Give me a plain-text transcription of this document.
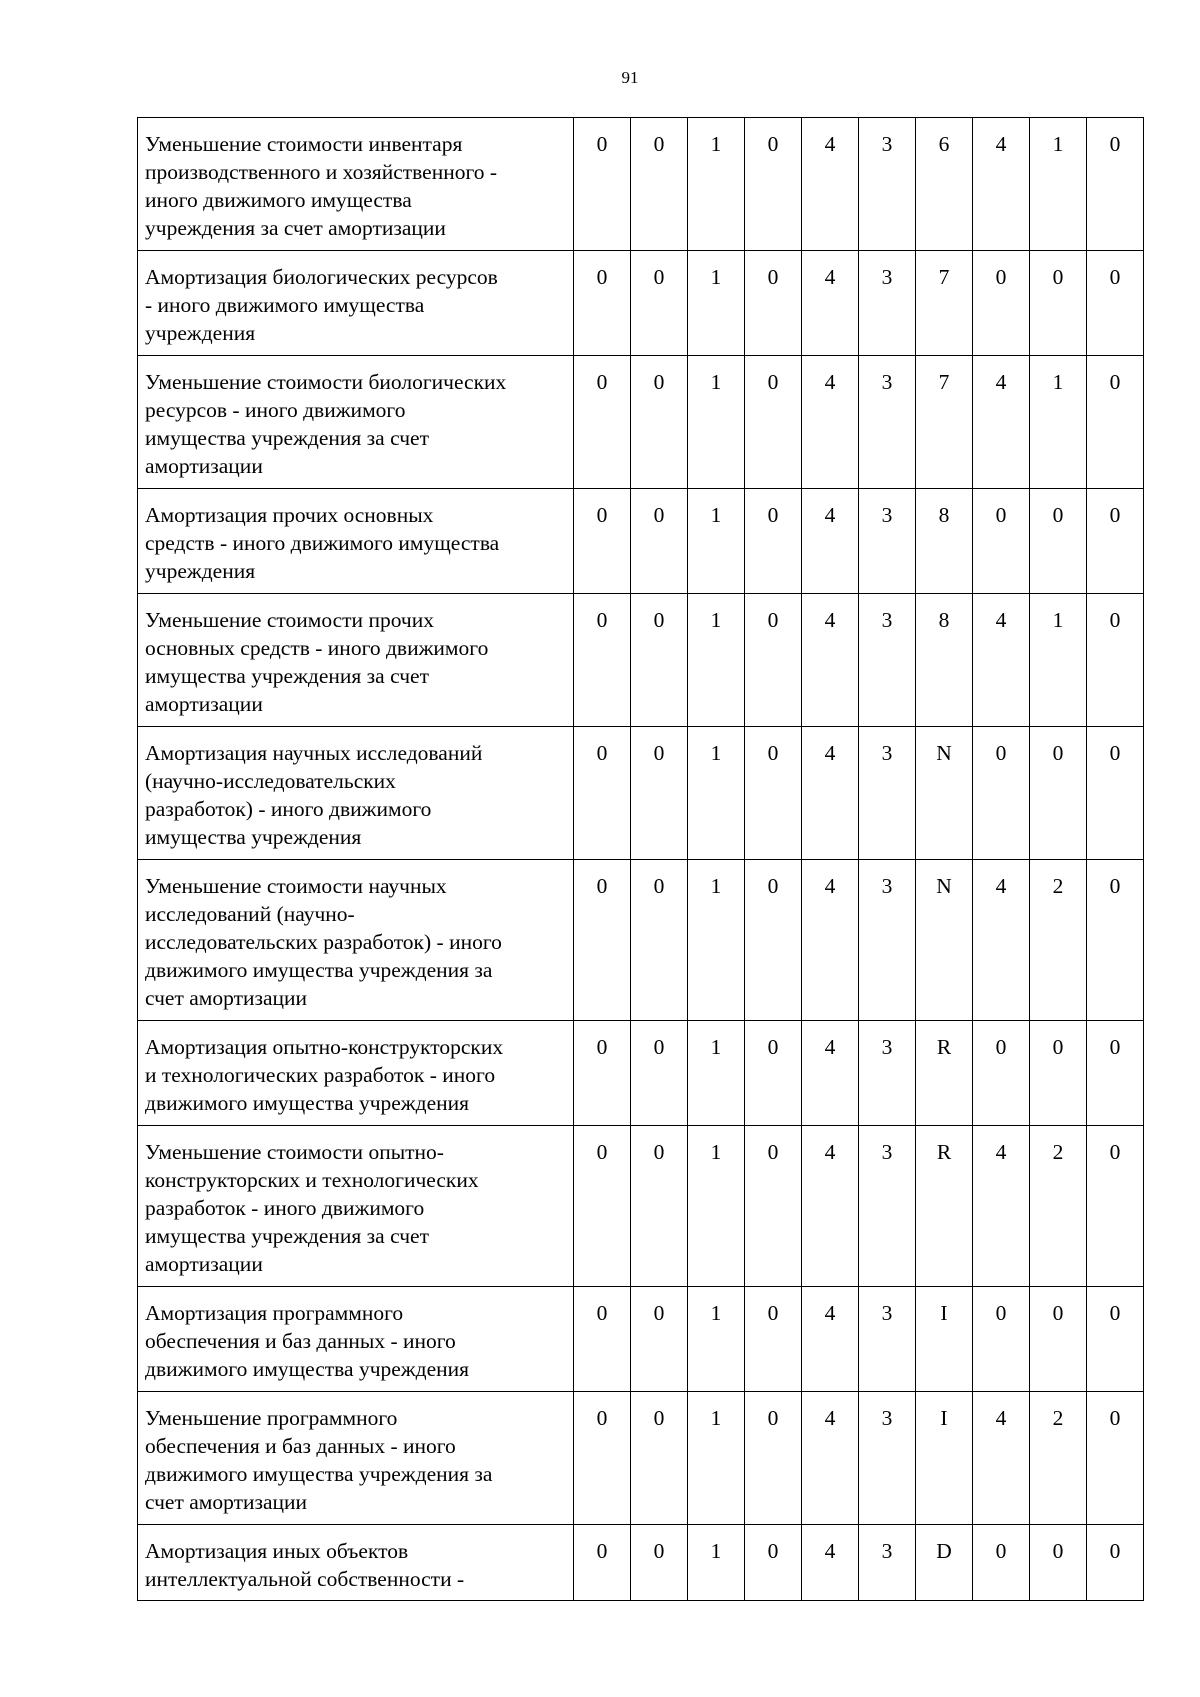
91
Уменьшение стоимости инвентаря
производственного и хозяйственного -
иного движимого имущества
учреждения за счет амортизации	0	0	1	0	4	3	6	4	1	0

Амортизация биологических ресурсов
- иного движимого имущества
учреждения	0	0	1	0	4	3	7	0	0	0

Уменьшение стоимости биологических
ресурсов - иного движимого
имущества учреждения за счет
амортизации	0	0	1	0	4	3	7	4	1	0

Амортизация прочих основных
средств - иного движимого имущества
учреждения	0	0	1	0	4	3	8	0	0	0

Уменьшение стоимости прочих
основных средств - иного движимого
имущества учреждения за счет
амортизации	0	0	1	0	4	3	8	4	1	0

Амортизация научных исследований
(научно-исследовательских
разработок) - иного движимого
имущества учреждения	0	0	1	0	4	3	N	0	0	0

Уменьшение стоимости научных
исследований (научно-
исследовательских разработок) - иного
движимого имущества учреждения за
счет амортизации	0	0	1	0	4	3	N	4	2	0

Амортизация опытно-конструкторских
и технологических разработок - иного
движимого имущества учреждения	0	0	1	0	4	3	R	0	0	0

Уменьшение стоимости опытно-
конструкторских и технологических
разработок - иного движимого
имущества учреждения за счет
амортизации	0	0	1	0	4	3	R	4	2	0

Амортизация программного
обеспечения и баз данных - иного
движимого имущества учреждения	0	0	1	0	4	3	I	0	0	0

Уменьшение программного
обеспечения и баз данных - иного
движимого имущества учреждения за
счет амортизации	0	0	1	0	4	3	I	4	2	0

Амортизация иных объектов
интеллектуальной собственности -	0	0	1	0	4	3	D	0	0	0
